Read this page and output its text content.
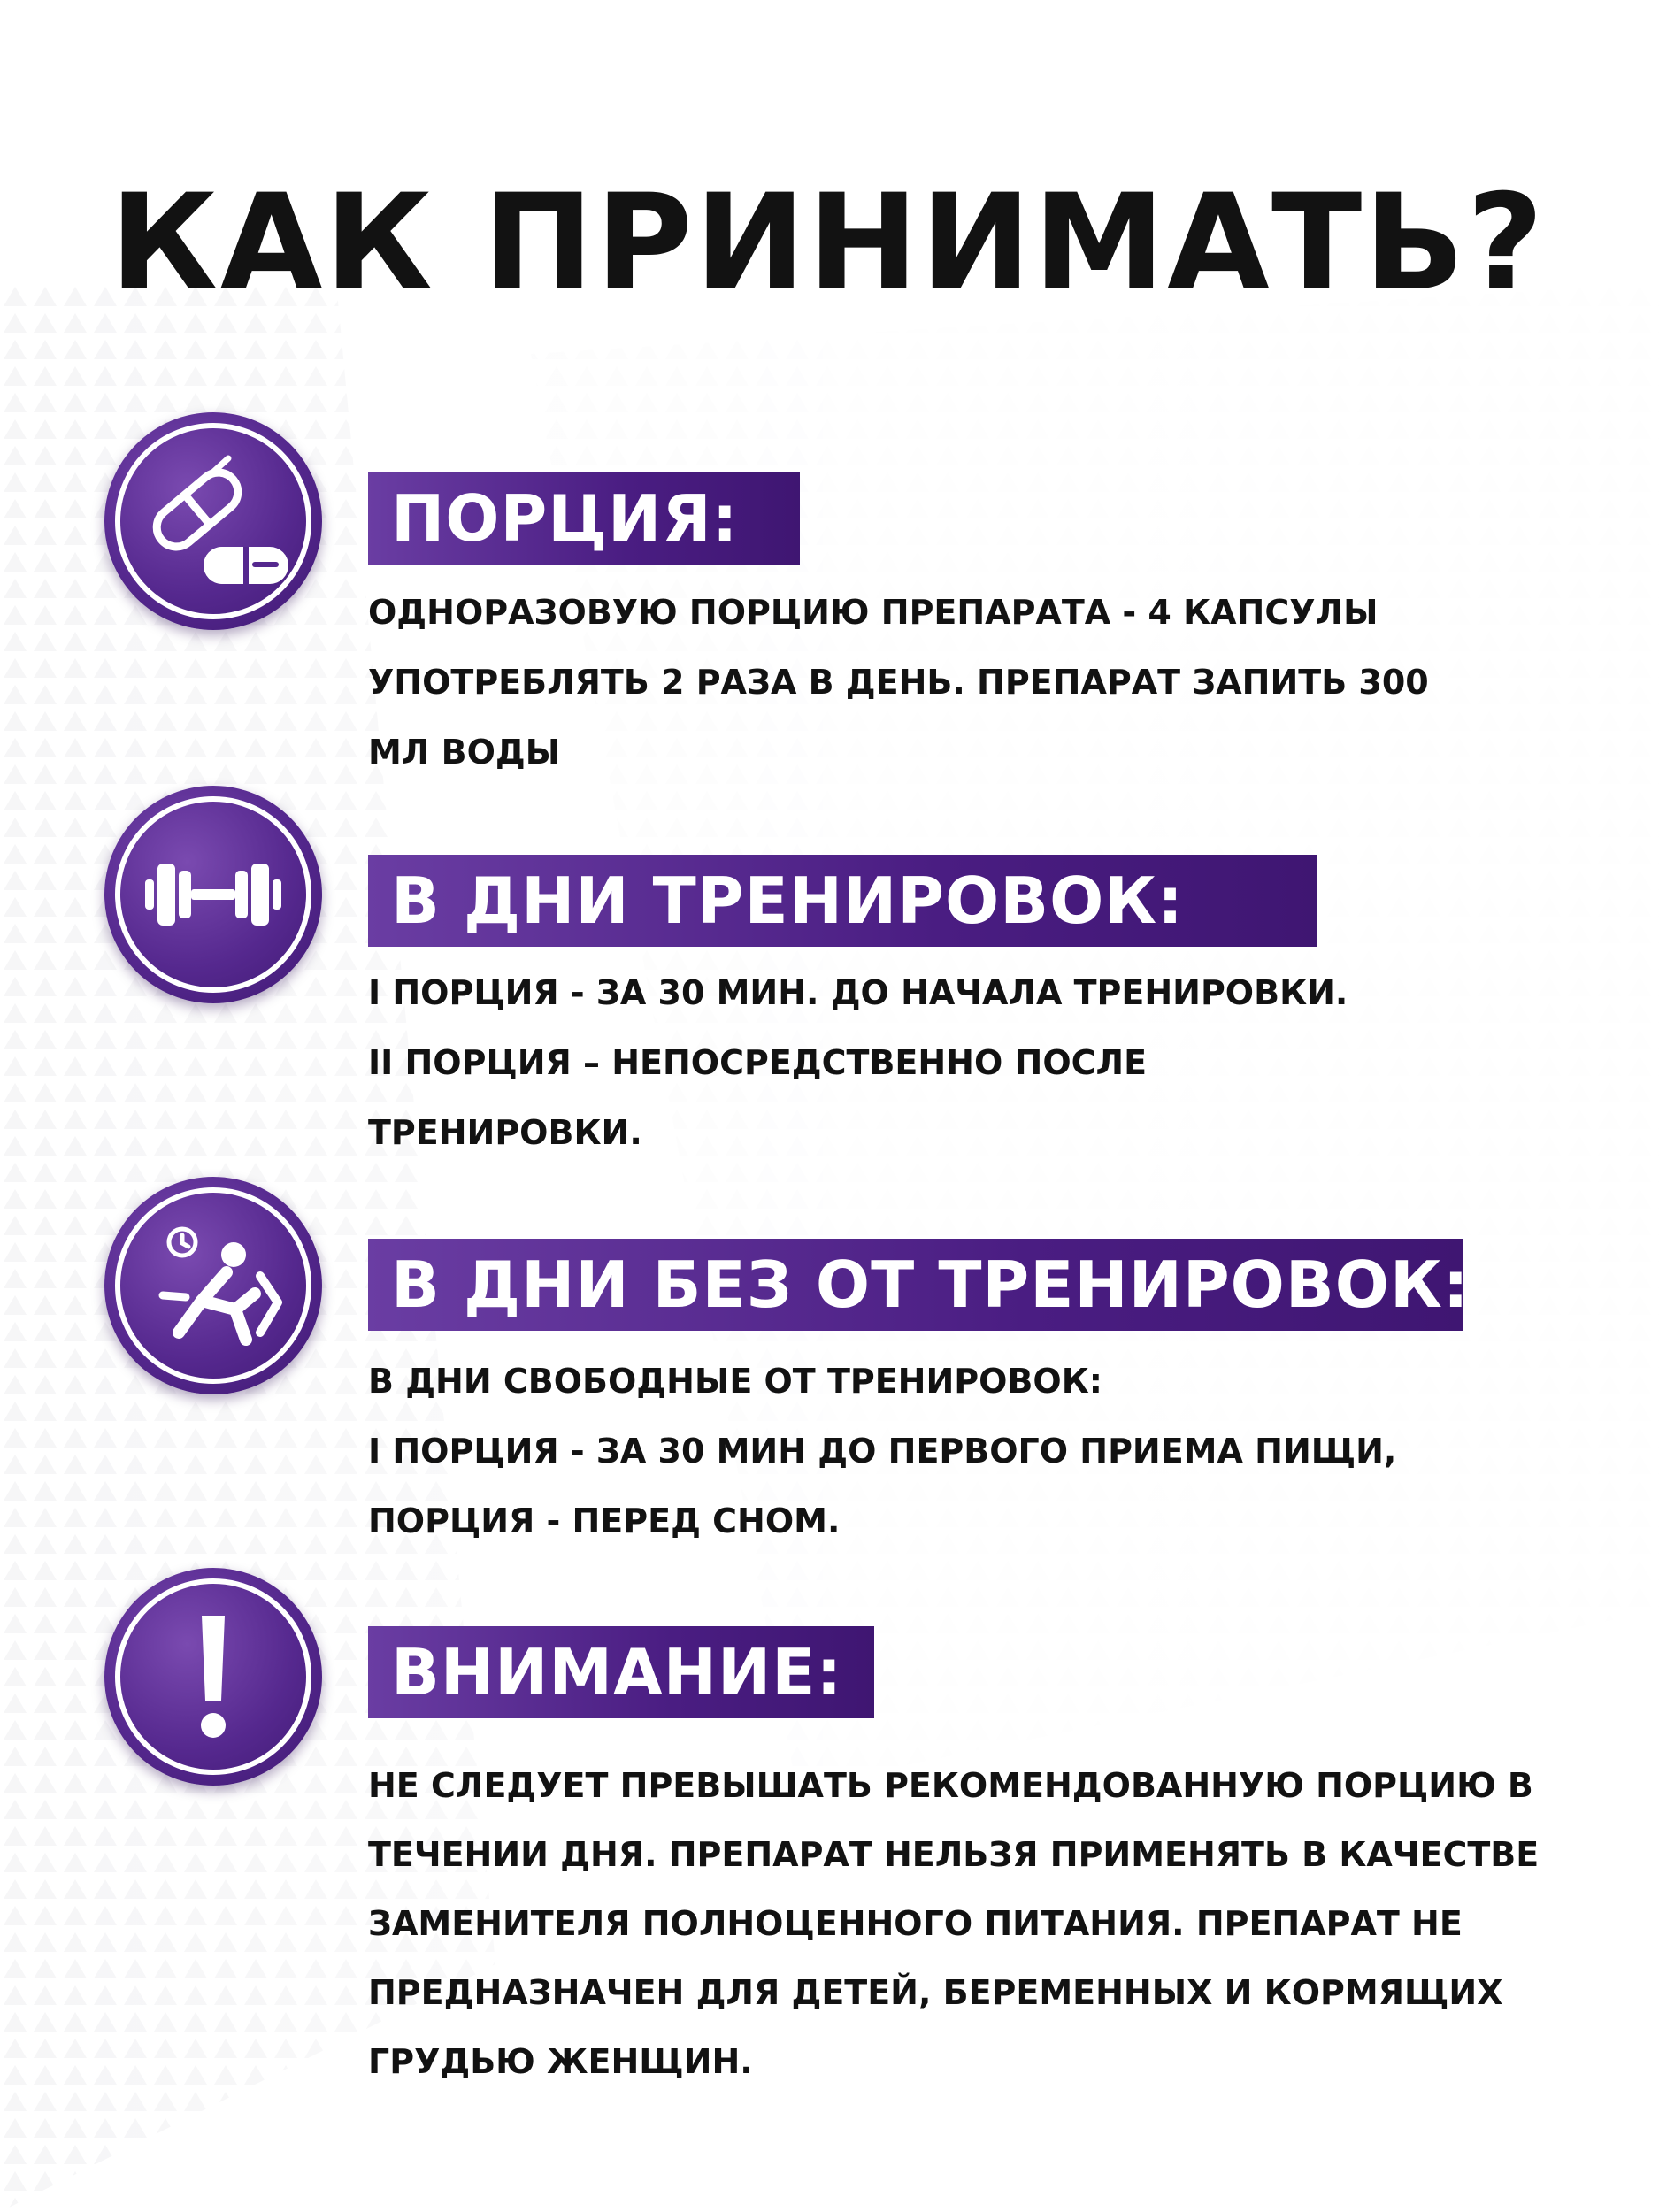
КАК ПРИНИМАТЬ?
ПОРЦИЯ:
ОДНОРАЗОВУЮ ПОРЦИЮ ПРЕПАРАТА - 4 КАПСУЛЫ
УПОТРЕБЛЯТЬ 2 РАЗА В ДЕНЬ. ПРЕПАРАТ ЗАПИТЬ 300
МЛ ВОДЫ
В ДНИ ТРЕНИРОВОК:
I ПОРЦИЯ - ЗА 30 МИН. ДО НАЧАЛА ТРЕНИРОВКИ.
II ПОРЦИЯ – НЕПОСРЕДСТВЕННО ПОСЛЕ
ТРЕНИРОВКИ.
В ДНИ БЕЗ ОТ ТРЕНИРОВОК:
В ДНИ СВОБОДНЫЕ ОТ ТРЕНИРОВОК:
I ПОРЦИЯ - ЗА 30 МИН ДО ПЕРВОГО ПРИЕМА ПИЩИ,
ПОРЦИЯ - ПЕРЕД СНОМ.
ВНИМАНИЕ:
НЕ СЛЕДУЕТ ПРЕВЫШАТЬ РЕКОМЕНДОВАННУЮ ПОРЦИЮ В
ТЕЧЕНИИ ДНЯ. ПРЕПАРАТ НЕЛЬЗЯ ПРИМЕНЯТЬ В КАЧЕСТВЕ
ЗАМЕНИТЕЛЯ ПОЛНОЦЕННОГО ПИТАНИЯ. ПРЕПАРАТ НЕ
ПРЕДНАЗНАЧЕН ДЛЯ ДЕТЕЙ, БЕРЕМЕННЫХ И КОРМЯЩИХ
ГРУДЬЮ ЖЕНЩИН.
